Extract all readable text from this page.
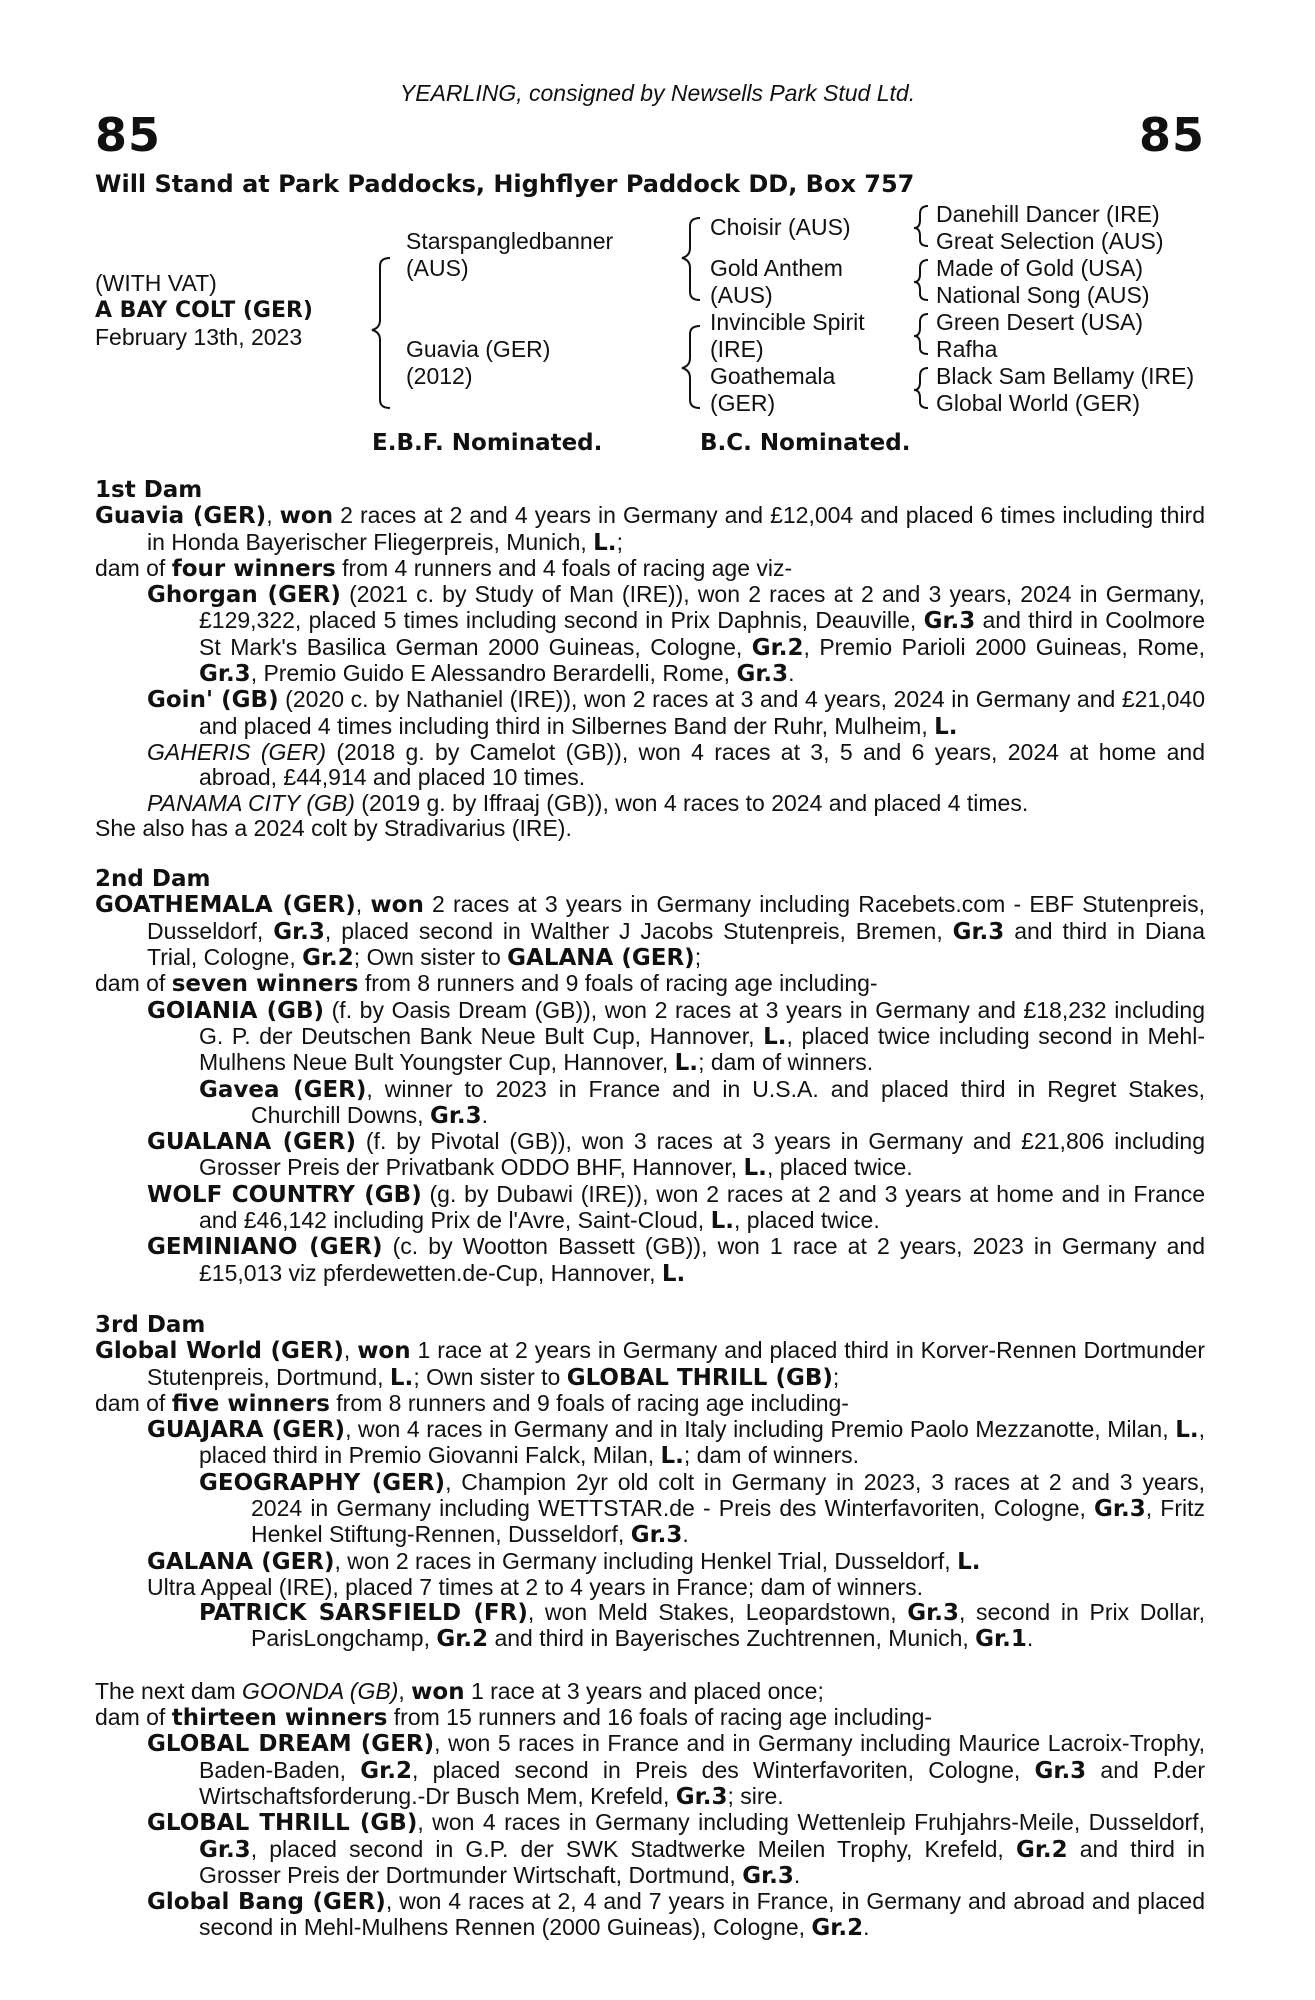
YEARLING, consigned by Newsells Park Stud Ltd.
85	85
Will Stand at Park Paddocks, Highflyer Paddock DD, Box 757
(WITH VAT)
A BAY COLT (GER)
February 13th, 2023
Starspangledbanner
(AUS)
Guavia (GER)
(2012)
Choisir (AUS)
Gold Anthem
(AUS)
Invincible Spirit
(IRE)
Goathemala
(GER)
Danehill Dancer (IRE)
Great Selection (AUS)
Made of Gold (USA)
National Song (AUS)
Green Desert (USA)
Rafha
Black Sam Bellamy (IRE)
Global World (GER)
E.B.F. Nominated.	B.C. Nominated.

1st Dam

Guavia (GER), won 2 races at 2 and 4 years in Germany and £12,004 and placed 6 times including third in Honda Bayerischer Fliegerpreis, Munich, L.;

dam of four winners from 4 runners and 4 foals of racing age viz-

Ghorgan (GER) (2021 c. by Study of Man (IRE)), won 2 races at 2 and 3 years, 2024 in Germany, £129,322, placed 5 times including second in Prix Daphnis, Deauville, Gr.3 and third in Coolmore St Mark's Basilica German 2000 Guineas, Cologne, Gr.2, Premio Parioli 2000 Guineas, Rome, Gr.3, Premio Guido E Alessandro Berardelli, Rome, Gr.3.

Goin' (GB) (2020 c. by Nathaniel (IRE)), won 2 races at 3 and 4 years, 2024 in Germany and £21,040 and placed 4 times including third in Silbernes Band der Ruhr, Mulheim, L.

GAHERIS (GER) (2018 g. by Camelot (GB)), won 4 races at 3, 5 and 6 years, 2024 at home and abroad, £44,914 and placed 10 times.

PANAMA CITY (GB) (2019 g. by Iffraaj (GB)), won 4 races to 2024 and placed 4 times.

She also has a 2024 colt by Stradivarius (IRE).

2nd Dam

GOATHEMALA (GER), won 2 races at 3 years in Germany including Racebets.com - EBF Stutenpreis, Dusseldorf, Gr.3, placed second in Walther J Jacobs Stutenpreis, Bremen, Gr.3 and third in Diana Trial, Cologne, Gr.2; Own sister to GALANA (GER);

dam of seven winners from 8 runners and 9 foals of racing age including-

GOIANIA (GB) (f. by Oasis Dream (GB)), won 2 races at 3 years in Germany and £18,232 including G. P. der Deutschen Bank Neue Bult Cup, Hannover, L., placed twice including second in Mehl-Mulhens Neue Bult Youngster Cup, Hannover, L.; dam of winners.

Gavea (GER), winner to 2023 in France and in U.S.A. and placed third in Regret Stakes, Churchill Downs, Gr.3.

GUALANA (GER) (f. by Pivotal (GB)), won 3 races at 3 years in Germany and £21,806 including Grosser Preis der Privatbank ODDO BHF, Hannover, L., placed twice.

WOLF COUNTRY (GB) (g. by Dubawi (IRE)), won 2 races at 2 and 3 years at home and in France and £46,142 including Prix de l'Avre, Saint-Cloud, L., placed twice.

GEMINIANO (GER) (c. by Wootton Bassett (GB)), won 1 race at 2 years, 2023 in Germany and £15,013 viz pferdewetten.de-Cup, Hannover, L.

3rd Dam

Global World (GER), won 1 race at 2 years in Germany and placed third in Korver-Rennen Dortmunder Stutenpreis, Dortmund, L.; Own sister to GLOBAL THRILL (GB);

dam of five winners from 8 runners and 9 foals of racing age including-

GUAJARA (GER), won 4 races in Germany and in Italy including Premio Paolo Mezzanotte, Milan, L., placed third in Premio Giovanni Falck, Milan, L.; dam of winners.

GEOGRAPHY (GER), Champion 2yr old colt in Germany in 2023, 3 races at 2 and 3 years, 2024 in Germany including WETTSTAR.de - Preis des Winterfavoriten, Cologne, Gr.3, Fritz Henkel Stiftung-Rennen, Dusseldorf, Gr.3.

GALANA (GER), won 2 races in Germany including Henkel Trial, Dusseldorf, L.

Ultra Appeal (IRE), placed 7 times at 2 to 4 years in France; dam of winners.

PATRICK SARSFIELD (FR), won Meld Stakes, Leopardstown, Gr.3, second in Prix Dollar, ParisLongchamp, Gr.2 and third in Bayerisches Zuchtrennen, Munich, Gr.1.

The next dam GOONDA (GB), won 1 race at 3 years and placed once;

dam of thirteen winners from 15 runners and 16 foals of racing age including-

GLOBAL DREAM (GER), won 5 races in France and in Germany including Maurice Lacroix-Trophy, Baden-Baden, Gr.2, placed second in Preis des Winterfavoriten, Cologne, Gr.3 and P.der Wirtschaftsforderung.-Dr Busch Mem, Krefeld, Gr.3; sire.

GLOBAL THRILL (GB), won 4 races in Germany including Wettenleip Fruhjahrs-Meile, Dusseldorf, Gr.3, placed second in G.P. der SWK Stadtwerke Meilen Trophy, Krefeld, Gr.2 and third in Grosser Preis der Dortmunder Wirtschaft, Dortmund, Gr.3.

Global Bang (GER), won 4 races at 2, 4 and 7 years in France, in Germany and abroad and placed second in Mehl-Mulhens Rennen (2000 Guineas), Cologne, Gr.2.
